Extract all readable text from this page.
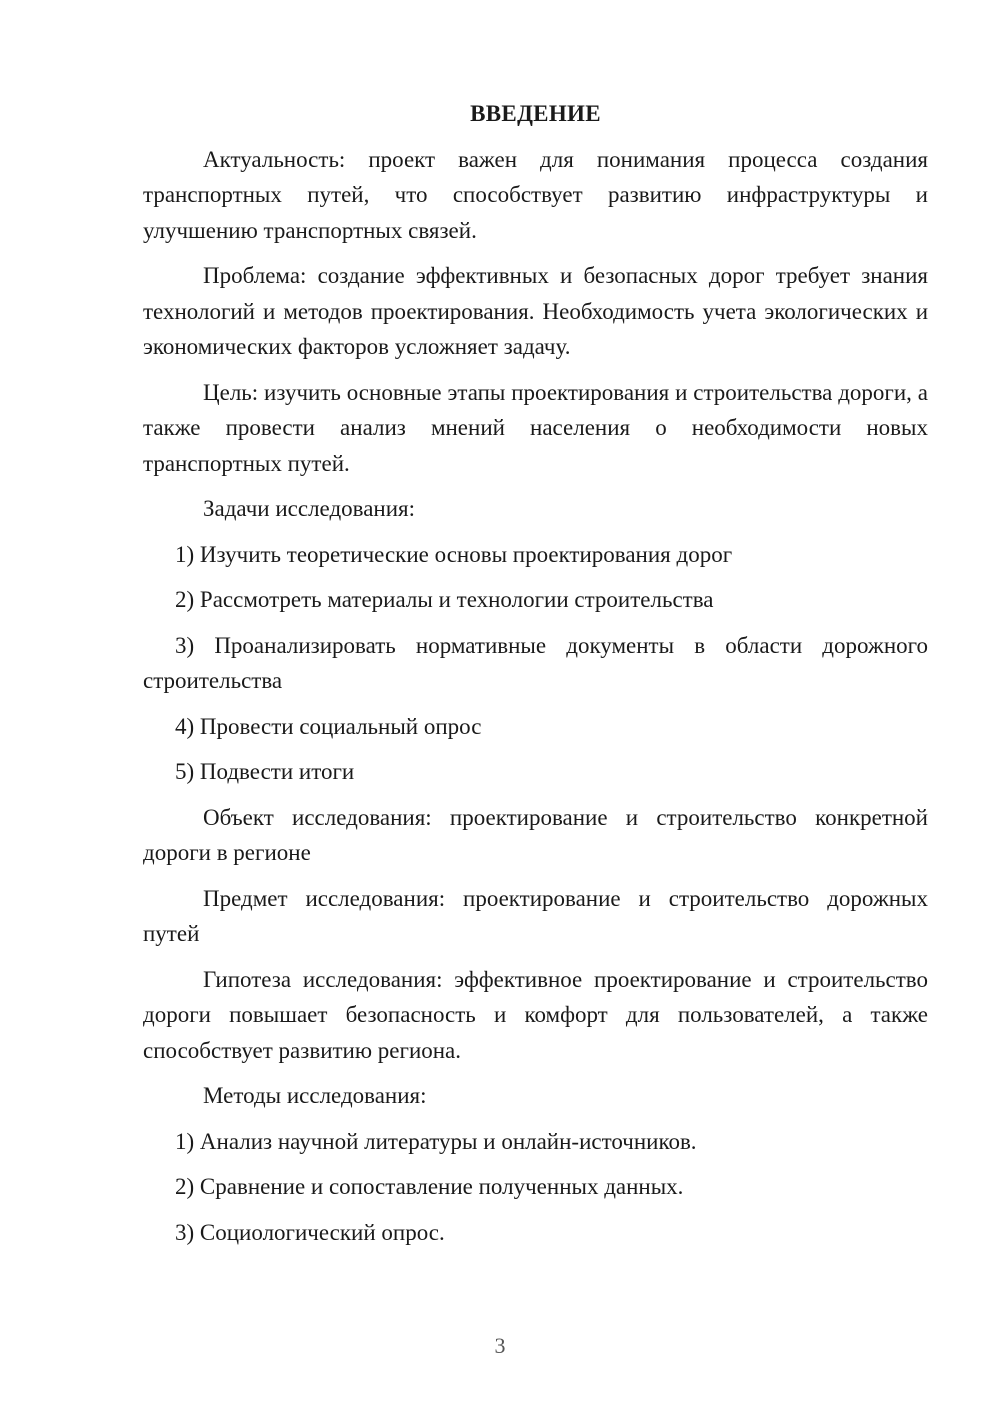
ВВЕДЕНИЕ

Актуальность: проект важен для понимания процесса создания транспортных путей, что способствует развитию инфраструктуры и улучшению транспортных связей.

Проблема: создание эффективных и безопасных дорог требует знания технологий и методов проектирования. Необходимость учета экологических и экономических факторов усложняет задачу.

Цель: изучить основные этапы проектирования и строительства дороги, а также провести анализ мнений населения о необходимости новых транспортных путей.

Задачи исследования:

1) Изучить теоретические основы проектирования дорог

2) Рассмотреть материалы и технологии строительства

3) Проанализировать нормативные документы в области дорожного строительства

4) Провести социальный опрос

5) Подвести итоги

Объект исследования: проектирование и строительство конкретной дороги в регионе

Предмет исследования: проектирование и строительство дорожных путей

Гипотеза исследования: эффективное проектирование и строительство дороги повышает безопасность и комфорт для пользователей, а также способствует развитию региона.

Методы исследования:

1) Анализ научной литературы и онлайн-источников.

2) Сравнение и сопоставление полученных данных.

3) Социологический опрос.

3
